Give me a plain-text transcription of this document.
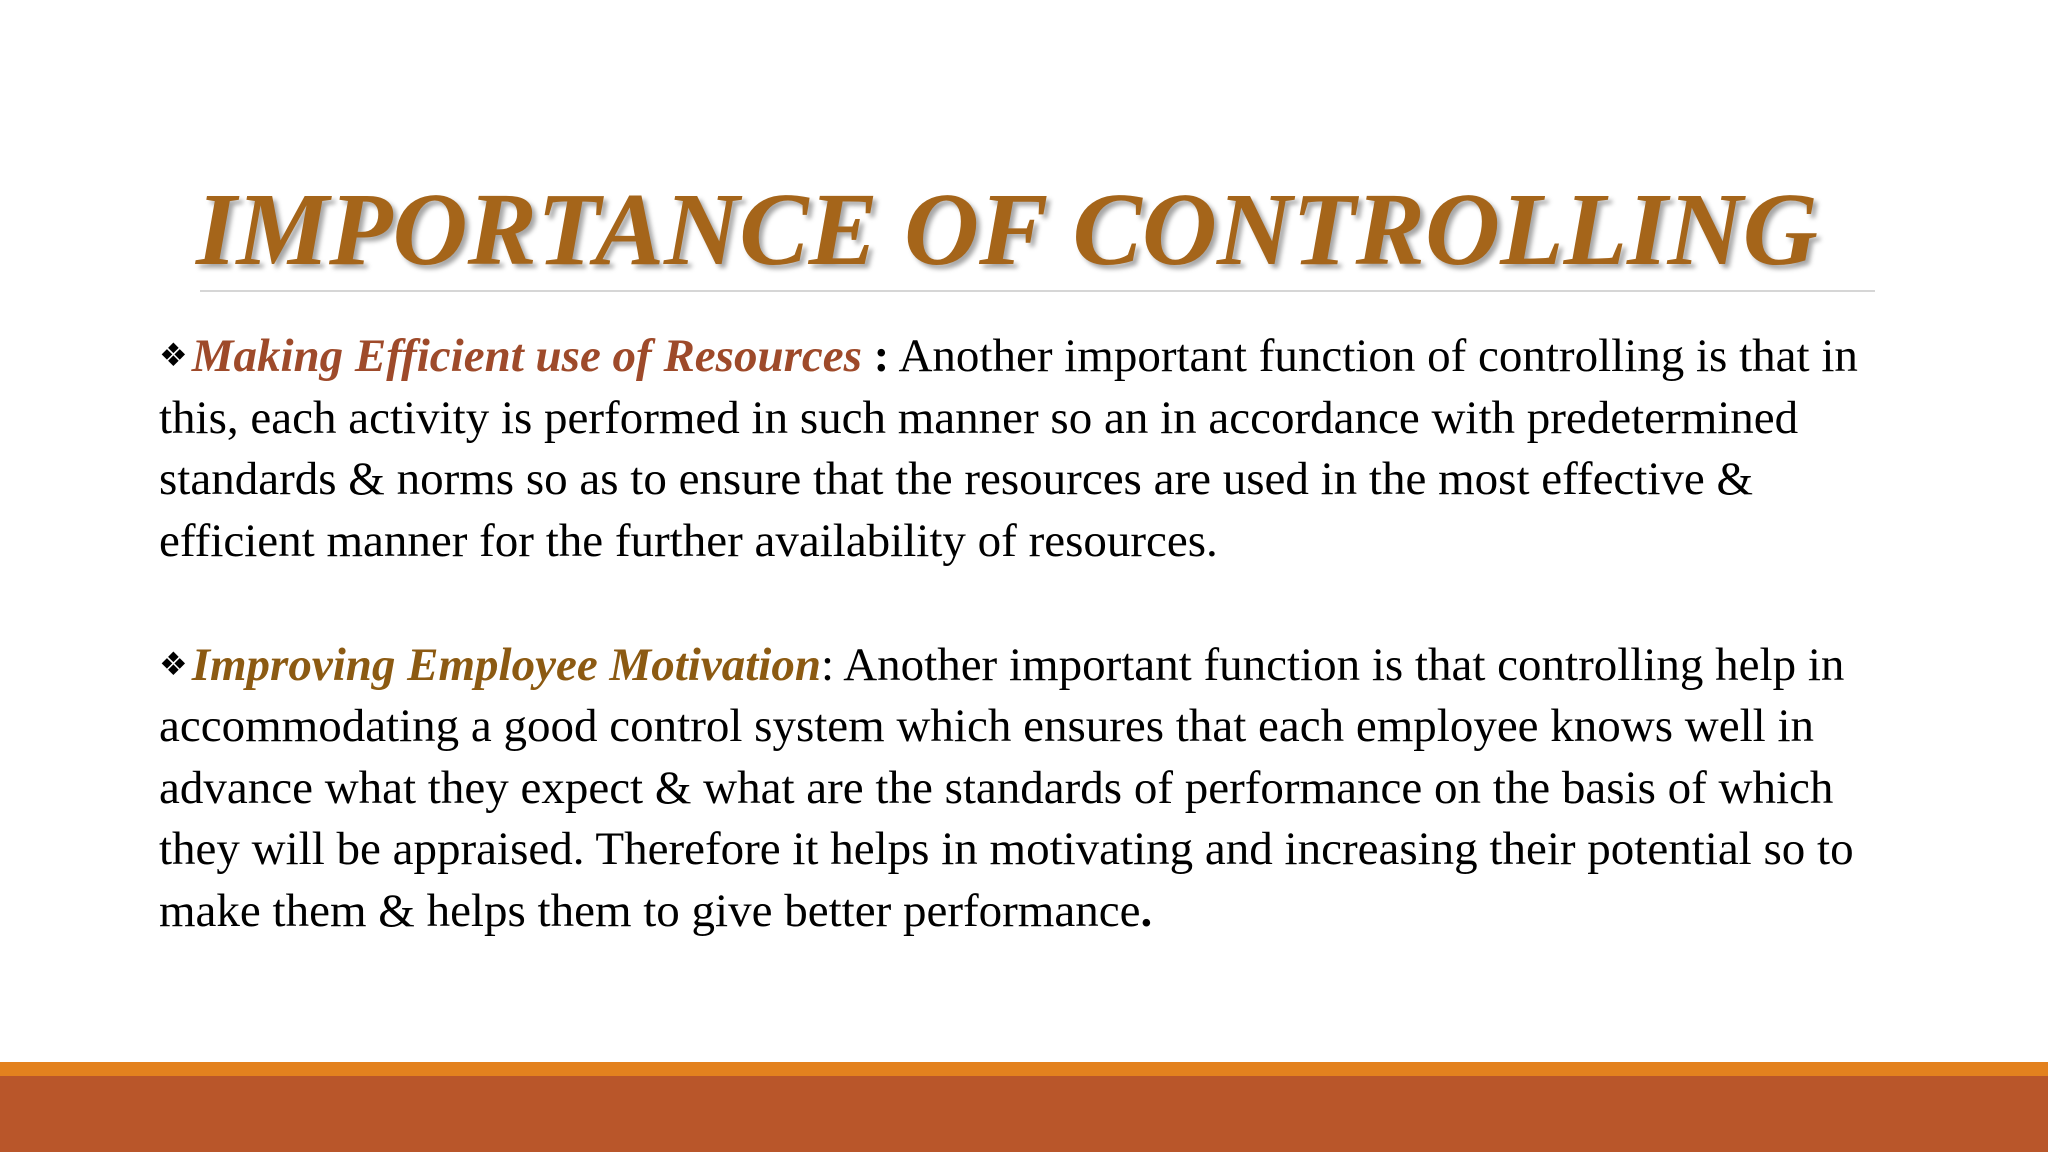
IMPORTANCE OF CONTROLLING

❖Making Efficient use of Resources : Another important function of controlling is that in this, each activity is performed in such manner so an in accordance with predetermined standards & norms so as to ensure that the resources are used in the most effective & efficient manner for the further availability of resources.

❖Improving Employee Motivation: Another important function is that controlling help in accommodating a good control system which ensures that each employee knows well in advance what they expect & what are the standards of performance on the basis of which they will be appraised. Therefore it helps in motivating and increasing their potential so to make them & helps them to give better performance.
